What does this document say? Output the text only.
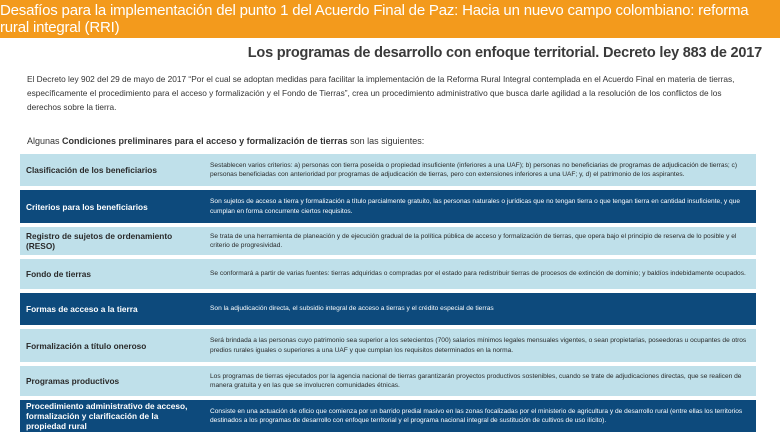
Desafíos para la implementación del punto 1 del Acuerdo Final de Paz: Hacia un nuevo campo colombiano: reforma rural integral (RRI)
Los programas de desarrollo con enfoque territorial. Decreto ley 883 de 2017
El Decreto ley 902 del 29 de mayo de 2017 “Por el cual se adoptan medidas para facilitar la implementación de la Reforma Rural Integral contemplada en el Acuerdo Final en materia de tierras, específicamente el procedimiento para el acceso y formalización y el Fondo de Tierras”, crea un procedimiento administrativo que busca darle agilidad a la resolución de los conflictos de los derechos sobre la tierra.
Algunas Condiciones preliminares para el acceso y formalización de tierras son las siguientes:
Clasificación de los beneficiarios	Sestablecen varios criterios: a) personas con tierra poseída o propiedad insuficiente (inferiores a una UAF); b) personas no beneficiarias de programas de adjudicación de tierras; c) personas beneficiadas con anterioridad por programas de adjudicación de tierras, pero con extensiones inferiores a una UAF; y, d) el patrimonio de los aspirantes.
Criterios para los beneficiarios	Son sujetos de acceso a tierra y formalización a título parcialmente gratuito, las personas naturales o jurídicas que no tengan tierra o que tengan tierra en cantidad insuficiente, y que cumplan en forma concurrente ciertos requisitos.
Registro de sujetos de ordenamiento (RESO)	Se trata de una herramienta de planeación y de ejecución gradual de la política pública de acceso y formalización de tierras, que opera bajo el principio de reserva de lo posible y el criterio de progresividad.
Fondo de tierras	Se conformará a partir de varias fuentes: tierras adquiridas o compradas por el estado para redistribuir tierras de procesos de extinción de dominio; y baldíos indebidamente ocupados.
Formas de acceso a la tierra	Son la adjudicación directa, el subsidio integral de acceso a tierras y el crédito especial de tierras
Formalización a título oneroso	Será brindada a las personas cuyo patrimonio sea superior a los setecientos (700) salarios mínimos legales mensuales vigentes, o sean propietarias, poseedoras u ocupantes de otros predios rurales iguales o superiores a una UAF y que cumplan los requisitos determinados en la norma.
Programas productivos	Los programas de tierras ejecutados por la agencia nacional de tierras garantizarán proyectos productivos sostenibles, cuando se trate de adjudicaciones directas, que se realicen de manera gratuita y en las que se involucren comunidades étnicas.
Procedimiento administrativo de acceso, formalización y clarificación de la propiedad rural	Consiste en una actuación de oficio que comienza por un barrido predial masivo en las zonas focalizadas por el ministerio de agricultura y de desarrollo rural (entre ellas los territorios destinados a los programas de desarrollo con enfoque territorial y el programa nacional integral de sustitución de cultivos de uso ilícito).
